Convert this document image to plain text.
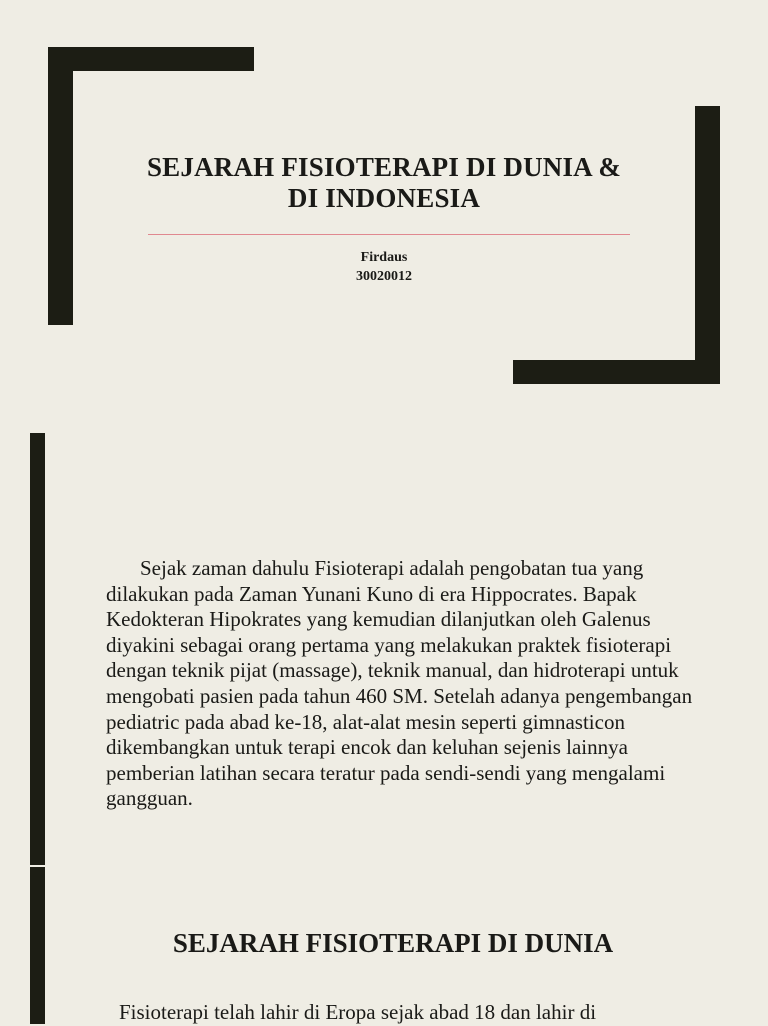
SEJARAH FISIOTERAPI DI DUNIA &
DI INDONESIA
Firdaus
30020012

Sejak zaman dahulu Fisioterapi adalah pengobatan tua yang dilakukan pada Zaman Yunani Kuno di era Hippocrates. Bapak Kedokteran Hipokrates yang kemudian dilanjutkan oleh Galenus diyakini sebagai orang pertama yang melakukan praktek fisioterapi dengan teknik pijat (massage), teknik manual, dan hidroterapi untuk mengobati pasien pada tahun 460 SM. Setelah adanya pengembangan pediatric pada abad ke-18, alat-alat mesin seperti gimnasticon dikembangkan untuk terapi encok dan keluhan sejenis lainnya pemberian latihan secara teratur pada sendi-sendi yang mengalami gangguan.

SEJARAH FISIOTERAPI DI DUNIA

Fisioterapi telah lahir di Eropa sejak abad 18 dan lahir di
